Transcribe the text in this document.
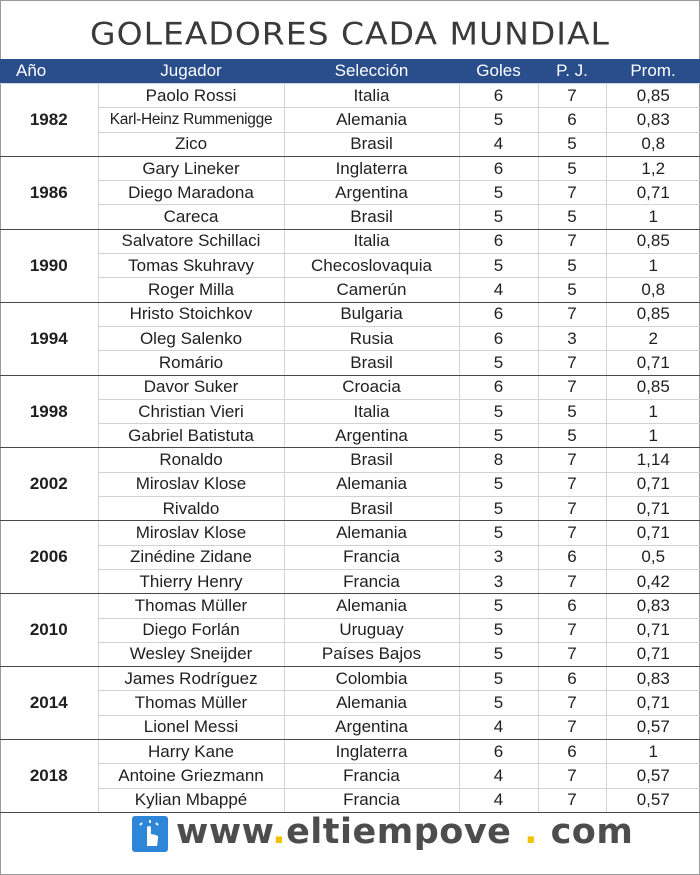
GOLEADORES CADA MUNDIAL
Año	Jugador	Selección	Goles	P. J.	Prom.
1982	Paolo Rossi	Italia	6	7	0,85
	Karl-Heinz Rummenigge	Alemania	5	6	0,83
	Zico	Brasil	4	5	0,8
1986	Gary Lineker	Inglaterra	6	5	1,2
	Diego Maradona	Argentina	5	7	0,71
	Careca	Brasil	5	5	1
1990	Salvatore Schillaci	Italia	6	7	0,85
	Tomas Skuhravy	Checoslovaquia	5	5	1
	Roger Milla	Camerún	4	5	0,8
1994	Hristo Stoichkov	Bulgaria	6	7	0,85
	Oleg Salenko	Rusia	6	3	2
	Romário	Brasil	5	7	0,71
1998	Davor Suker	Croacia	6	7	0,85
	Christian Vieri	Italia	5	5	1
	Gabriel Batistuta	Argentina	5	5	1
2002	Ronaldo	Brasil	8	7	1,14
	Miroslav Klose	Alemania	5	7	0,71
	Rivaldo	Brasil	5	7	0,71
2006	Miroslav Klose	Alemania	5	7	0,71
	Zinédine Zidane	Francia	3	6	0,5
	Thierry Henry	Francia	3	7	0,42
2010	Thomas Müller	Alemania	5	6	0,83
	Diego Forlán	Uruguay	5	7	0,71
	Wesley Sneijder	Países Bajos	5	7	0,71
2014	James Rodríguez	Colombia	5	6	0,83
	Thomas Müller	Alemania	5	7	0,71
	Lionel Messi	Argentina	4	7	0,57
2018	Harry Kane	Inglaterra	6	6	1
	Antoine Griezmann	Francia	4	7	0,57
	Kylian Mbappé	Francia	4	7	0,57
www.eltiempove . com
